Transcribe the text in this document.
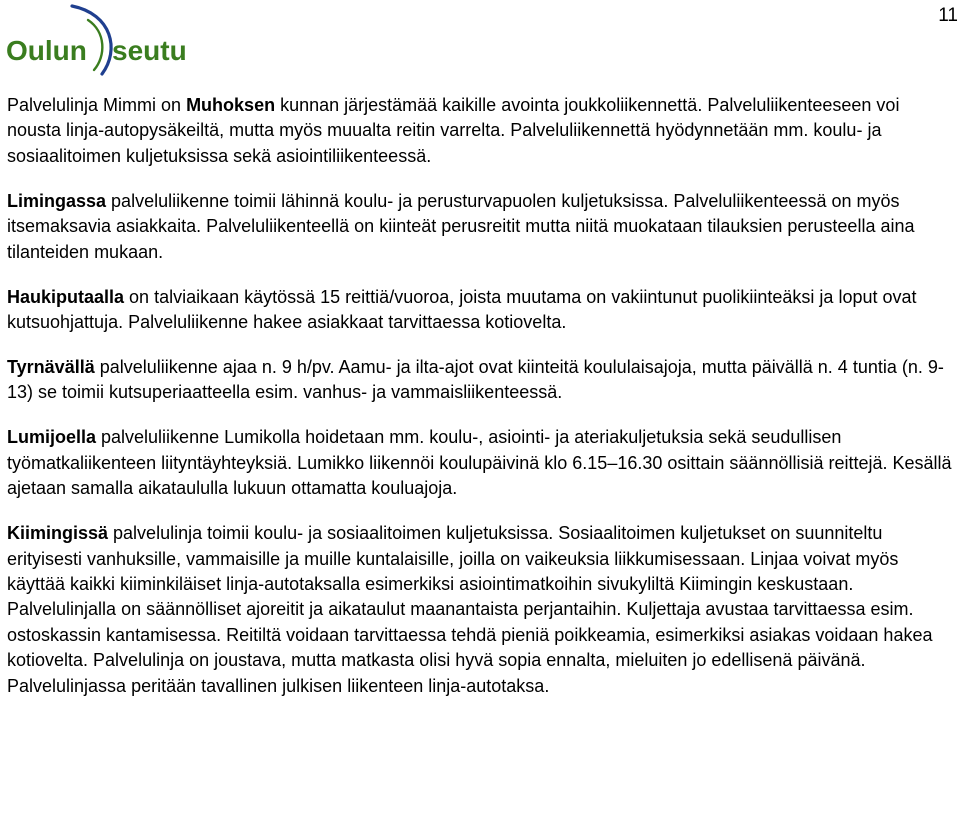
Oulun seutu
11

Palvelulinja Mimmi on Muhoksen kunnan järjestämää kaikille avointa joukkoliikennettä. Palveluliikenteeseen voi nousta linja-autopysäkeiltä, mutta myös muualta reitin varrelta. Palveluliikennettä hyödynnetään mm. koulu- ja sosiaalitoimen kuljetuksissa sekä asiointiliikenteessä.

Limingassa palveluliikenne toimii lähinnä koulu- ja perusturvapuolen kuljetuksissa. Palveluliikenteessä on myös itsemaksavia asiakkaita. Palveluliikenteellä on kiinteät perusreitit mutta niitä muokataan tilauksien perusteella aina tilanteiden mukaan.

Haukiputaalla on talviaikaan käytössä 15 reittiä/vuoroa, joista muutama on vakiintunut puolikiinteäksi ja loput ovat kutsuohjattuja. Palveluliikenne hakee asiakkaat tarvittaessa kotiovelta.

Tyrnävällä palveluliikenne ajaa n. 9 h/pv. Aamu- ja ilta-ajot ovat kiinteitä koululaisajoja, mutta päivällä n. 4 tuntia (n. 9-13) se toimii kutsuperiaatteella esim. vanhus- ja vammaisliikenteessä.

Lumijoella palveluliikenne Lumikolla hoidetaan mm. koulu-, asiointi- ja ateriakuljetuksia sekä seudullisen työmatkaliikenteen liityntäyhteyksiä. Lumikko liikennöi koulupäivinä klo 6.15–16.30 osittain säännöllisiä reittejä. Kesällä ajetaan samalla aikataululla lukuun ottamatta kouluajoja.

Kiimingissä palvelulinja toimii koulu- ja sosiaalitoimen kuljetuksissa. Sosiaalitoimen kuljetukset on suunniteltu erityisesti vanhuksille, vammaisille ja muille kuntalaisille, joilla on vaikeuksia liikkumisessaan. Linjaa voivat myös käyttää kaikki kiiminkiläiset linja-autotaksalla esimerkiksi asiointimatkoihin sivukyliltä Kiimingin keskustaan. Palvelulinjalla on säännölliset ajoreitit ja aikataulut maanantaista perjantaihin. Kuljettaja avustaa tarvittaessa esim. ostoskassin kantamisessa. Reitiltä voidaan tarvittaessa tehdä pieniä poikkeamia, esimerkiksi asiakas voidaan hakea kotiovelta. Palvelulinja on joustava, mutta matkasta olisi hyvä sopia ennalta, mieluiten jo edellisenä päivänä. Palvelulinjassa peritään tavallinen julkisen liikenteen linja-autotaksa.
